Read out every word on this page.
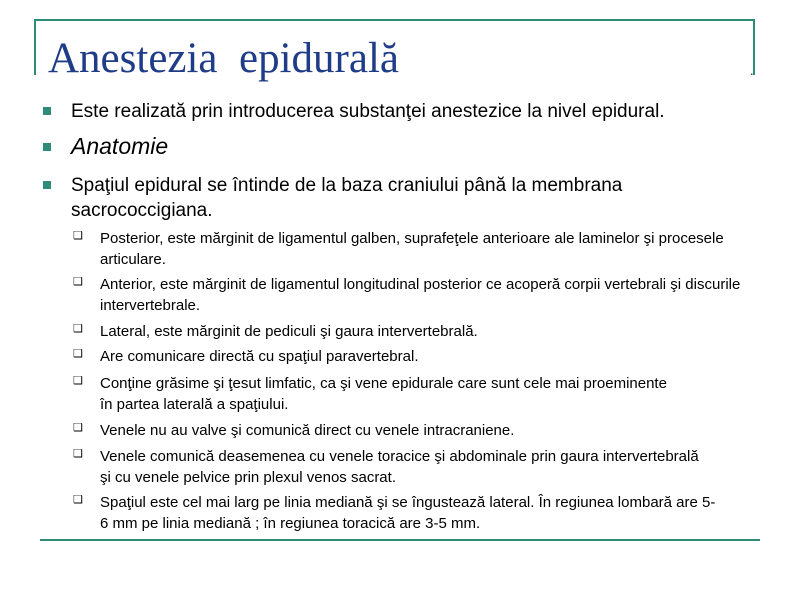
Anestezia  epidurală	.
Este realizată prin introducerea substanţei anestezice la nivel epidural.
Anatomie
Spaţiul epidural se întinde de la baza craniului până la membrana sacrococcigiana.
❑ Posterior, este mărginit de ligamentul galben, suprafeţele anterioare ale laminelor şi procesele articulare.
❑ Anterior, este mărginit de ligamentul longitudinal posterior ce acoperă corpii vertebrali şi discurile intervertebrale.
❑ Lateral, este mărginit de pediculi şi gaura intervertebrală.
❑ Are comunicare directă cu spaţiul paravertebral.
❑ Conţine grăsime şi ţesut limfatic, ca şi vene epidurale care sunt cele mai proeminente în partea laterală a spaţiului.
❑ Venele nu au valve şi comunică direct cu venele intracraniene.
❑ Venele comunică deasemenea cu venele toracice şi abdominale prin gaura intervertebrală şi cu venele pelvice prin plexul venos sacrat.
❑ Spaţiul este cel mai larg pe linia mediană şi se îngustează lateral. În regiunea lombară are 5-6 mm pe linia mediană ; în regiunea toracică are 3-5 mm.
